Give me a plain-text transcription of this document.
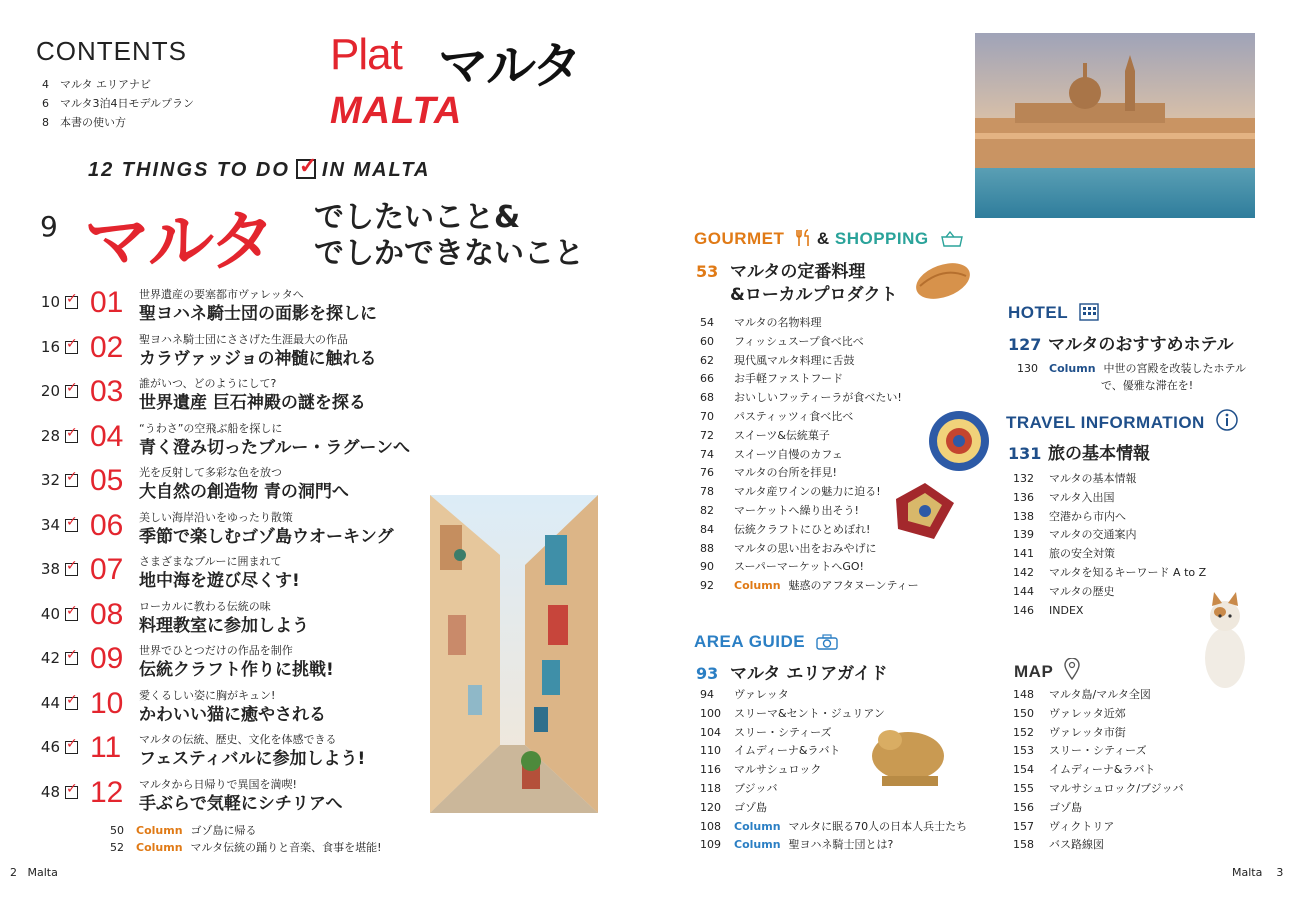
CONTENTS
4 マルタ エリアナビ
6 マルタ3泊4日モデルプラン
8 本書の使い方
Plat マルタ
MALTA
12 THINGS TO DO ✓ IN MALTA
9 マルタ でしたいこと&
でしかできないこと
10 ✓ 01 世界遺産の要塞都市ヴァレッタへ
聖ヨハネ騎士団の面影を探しに
16 ✓ 02 聖ヨハネ騎士団にささげた生涯最大の作品
カラヴァッジョの神髄に触れる
20 ✓ 03 誰がいつ、どのようにして?
世界遺産 巨石神殿の謎を探る
28 ✓ 04 “うわさ”の空飛ぶ船を探しに
青く澄み切ったブルー・ラグーンへ
32 ✓ 05 光を反射して多彩な色を放つ
大自然の創造物 青の洞門へ
34 ✓ 06 美しい海岸沿いをゆったり散策
季節で楽しむゴゾ島ウオーキング
38 ✓ 07 さまざまなブルーに囲まれて
地中海を遊び尽くす!
40 ✓ 08 ローカルに教わる伝統の味
料理教室に参加しよう
42 ✓ 09 世界でひとつだけの作品を制作
伝統クラフト作りに挑戦!
44 ✓ 10 愛くるしい姿に胸がキュン!
かわいい猫に癒やされる
46 ✓ 11 マルタの伝統、歴史、文化を体感できる
フェスティバルに参加しよう!
48 ✓ 12 マルタから日帰りで異国を満喫!
手ぶらで気軽にシチリアへ
50 Column ゴゾ島に帰る
52 Column マルタ伝統の踊りと音楽、食事を堪能!
GOURMET & SHOPPING
53 マルタの定番料理
&ローカルプロダクト
54 マルタの名物料理
60 フィッシュスープ食べ比べ
62 現代風マルタ料理に舌鼓
66 お手軽ファストフード
68 おいしいフッティーラが食べたい!
70 パスティッツィ食べ比べ
72 スイーツ&伝統菓子
74 スイーツ自慢のカフェ
76 マルタの台所を拝見!
78 マルタ産ワインの魅力に迫る!
82 マーケットへ繰り出そう!
84 伝統クラフトにひとめぼれ!
88 マルタの思い出をおみやげに
90 スーパーマーケットへGO!
92 Column 魅惑のアフタヌーンティー
AREA GUIDE
93 マルタ エリアガイド
94 ヴァレッタ
100 スリーマ&セント・ジュリアン
104 スリー・シティーズ
110 イムディーナ&ラバト
116 マルサシュロック
118 ブジッバ
120 ゴゾ島
108 Column マルタに眠る70人の日本人兵士たち
109 Column 聖ヨハネ騎士団とは?
HOTEL
127 マルタのおすすめホテル
130 Column 中世の宮殿を改装したホテル
で、優雅な滞在を!
TRAVEL INFORMATION
131 旅の基本情報
132 マルタの基本情報
136 マルタ入出国
138 空港から市内へ
139 マルタの交通案内
141 旅の安全対策
142 マルタを知るキーワード A to Z
144 マルタの歴史
146 INDEX
MAP
148 マルタ島/マルタ全図
150 ヴァレッタ近郊
152 ヴァレッタ市街
153 スリー・シティーズ
154 イムディーナ&ラバト
155 マルサシュロック/ブジッバ
156 ゴゾ島
157 ヴィクトリア
158 バス路線図
2 Malta	Malta 3
